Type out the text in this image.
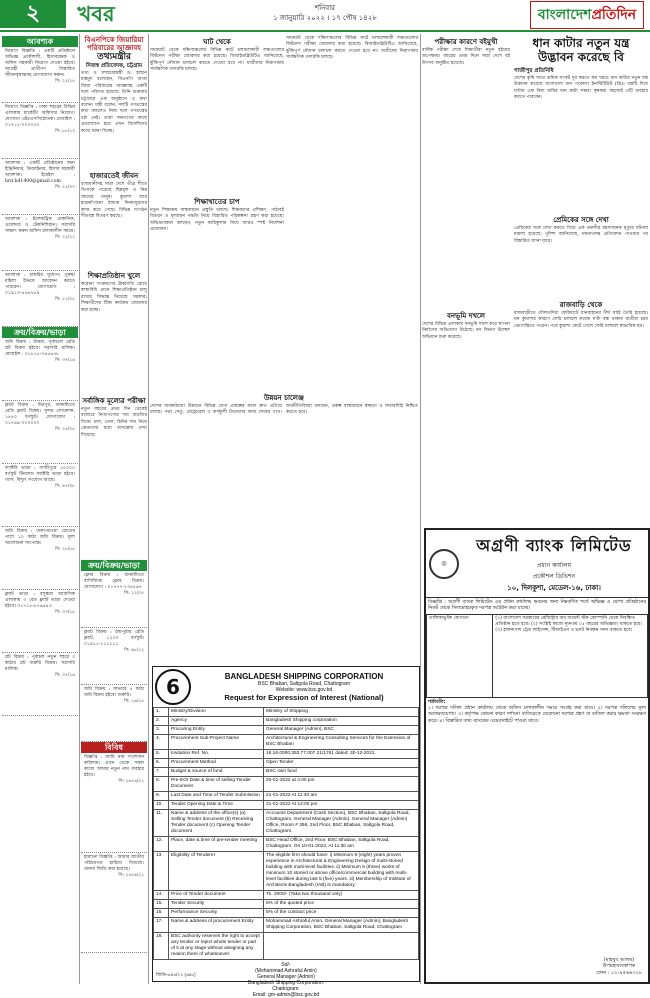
২	খবর	শনিবার
১ জানুয়ারি ২০২২ । ১৭ পৌষ ১৪২৮	বাংলাদেশপ্রতিদিন
আবশ্যক
নিয়োগ বিজ্ঞপ্তি : একটি প্রতিষ্ঠানে অভিজ্ঞ প্রকৌশলী, হিসাবরক্ষক ও অফিস সহকারী নিয়োগ দেওয়া হইবে। আগ্রহী প্রার্থীগণ বিস্তারিত জীবনবৃত্তান্তসহ যোগাযোগ করুন।
সি: ২২/১৫
নিয়োগ বিজ্ঞপ্তি : ঢাকা শহরের বিভিন্ন এলাকায় মার্কেটিং অফিসার নিয়োগ। যোগ্যতা এইচএসসি/স্নাতক। মোবাইল : ০১৭১১-০০০০০০
সি: ৮৮/১২
আবশ্যক : একটি প্রতিষ্ঠানের জন্য ইঞ্জিনিয়ার, ডিজাইনার, হিসাব সহকারী আবশ্যক। ইমেইল : hrd.bd1400@gmail.com
সি: ২২/৩০
আবশ্যক : ইলেকট্রিক মেকানিক, ওয়েল্ডার ও টেকনিশিয়ান। সরাসরি সাক্ষাৎ করুন অফিস চলাকালীন সময়ে।
সি: ২২/২২
আবশ্যক : চাকরির সুযোগ। পুরুষ/মহিলা উভয়ে আবেদন করতে পারবেন। যোগাযোগ : ০১৯১৩-৪৫৬৭৮৯
সি: ৫১/০৫
ক্রয়/বিক্রয়/ভাড়া
জমি বিক্রয় : উত্তরা, পূর্বাচলে রেডি প্লট বিক্রয় হইবে। সরাসরি মালিক। মোবাইল : ০১৮১৮-৩৪৫৬৭৮
সি: ৩৭/১৬
ফ্ল্যাট বিক্রয় : মিরপুর, ধানমন্ডিতে রেডি ফ্ল্যাট বিক্রয়। সুন্দর লোকেশন, ১৪৫০ বর্গফুট। যোগাযোগ : ০১৭৬৯-০০০০০০
সি: ২৪/০৫
ফ্যাক্টরি ভাড়া : গাজীপুরে ১০০০০ বর্গফুট টিনশেড ফ্যাক্টরি ভাড়া হইবে। গ্যাস, বিদ্যুৎ সংযোগ আছে।
সি: ৯৭/৩৮
জমি বিক্রয় : ঢাকা-মাওয়া রোডের পাশে ১০ কাঠা জমি বিক্রয়। মূল্য আলোচনা সাপেক্ষে।
সি: ২৮/৫৫
ফ্ল্যাট ভাড়া : বসুন্ধরা আবাসিক এলাকায় ৩ বেড ফ্ল্যাট ভাড়া দেওয়া হইবে। ০১৭১৫-৮৭৬৫৪৩
সি: ৩৩/১৫
প্লট বিক্রয় : পূর্বাচল নতুন শহরে ৩ কাঠার প্লট জরুরি বিক্রয়। সরাসরি মালিক।
সি: ৩৭/১৬
ক্রয়/বিক্রয়/ভাড়া
ফ্লোর বিক্রয় : ধানমন্ডিতে বাণিজ্যিক ফ্লোর বিক্রয়। যোগাযোগ : ০১৭৭৭-২৩৪৫৬৭
সি: ১২/০৫
ফ্ল্যাট বিক্রয় : রামপুরায় রেডি ফ্ল্যাট, ১২০০ বর্গফুট। ০১৯১১-১১১১১১
সি: ৯৮/১২
জমি বিক্রয় : সাভারে ৫ কাঠা জমি বিক্রয় হইবে। জরুরি।
সি: ১৬/১৫
বিবিধ
বিজ্ঞপ্তি : আমি নাম সংশোধন করিলাম। এখন থেকে সকল কাজে আমার নতুন নাম ব্যবহার হইবে।
সি: ২৪৫৬/২১
হারানো বিজ্ঞপ্তি : আমার জাতীয় পরিচয়পত্র হারিয়ে গিয়েছে। থানায় জিডি করা হয়েছে।
সি: ২৪৫৯/২১
বিএনপিকে জিয়ারিয়া পরিবারের আজ্ঞাবহ
তথ্যমন্ত্রীর
নিজস্ব প্রতিবেদক, চট্টগ্রাম
তথ্য ও সম্প্রচারমন্ত্রী ড. হাছান মাহমুদ বলেছেন, বিএনপি আজ জিয়া পরিবারের আজ্ঞাবহ একটি দলে পরিণত হয়েছে। তিনি শুক্রবার চট্টগ্রামে এক অনুষ্ঠানে এ কথা বলেন। মন্ত্রী বলেন, দলটি গণতন্ত্রের কথা বললেও নিজ দলে গণতন্ত্রের চর্চা নেই। তারা জনগণের কাছে প্রত্যাখ্যাত হয়ে এখন বিদেশিদের কাছে ধরনা দিচ্ছে।
হাজারতেই জীবন
রাজধানীসহ সারা দেশে তীব্র শীতে বিপাকে পড়েছে ছিন্নমূল ও নিম্ন আয়ের মানুষ। কুয়াশা আর হাড়কাঁপানো ঠান্ডায় দিনমজুরদের কাজ কমে গেছে। বিভিন্ন সংগঠন শীতবস্ত্র বিতরণ করছে।
শিক্ষাপ্রতিষ্ঠান খুলে
করোনা সংক্রমণের ঊর্ধ্বগতি রোধে স্বাস্থ্যবিধি মেনে শিক্ষাপ্রতিষ্ঠান চালু রাখার সিদ্ধান্ত নিয়েছে সরকার। শিক্ষার্থীদের টিকা কার্যক্রম জোরদার করা হচ্ছে।
সর্বাঙ্গিক মূল্যের পরীক্ষা
নতুন বছরের প্রথম দিন থেকেই বাজারে নিত্যপণ্যের দাম বাড়তির দিকে। চাল, তেল, চিনির দাম নিয়ে ক্রেতাদের মধ্যে অসন্তোষ দেখা দিয়েছে।
ঘাট থেকে
সদরঘাট থেকে দক্ষিণাঞ্চলের বিভিন্ন রুটে চলাচলকারী লঞ্চগুলোর ফিটনেস পরীক্ষা জোরদার করা হয়েছে। বিআইডব্লিউটিএ জানিয়েছে, ঝুঁকিপূর্ণ নৌযান চলাচল করতে দেওয়া হবে না। যাত্রীদের নিরাপত্তায় সার্বক্ষণিক তদারকি চলছে।
শিক্ষাখাতের চাপ
নতুন শিক্ষাক্রম বাস্তবায়নে প্রস্তুতি চলছে। শিক্ষকদের প্রশিক্ষণ, পাঠ্যবই বিতরণ ও মূল্যায়ন পদ্ধতি নিয়ে বিস্তারিত পরিকল্পনা গ্রহণ করা হয়েছে। অভিভাবকরা বলছেন, নতুন কারিকুলাম নিয়ে আরও স্পষ্ট নির্দেশনা প্রয়োজন।
সদরঘাট থেকে দক্ষিণাঞ্চলের বিভিন্ন রুটে চলাচলকারী লঞ্চগুলোর ফিটনেস পরীক্ষা জোরদার করা হয়েছে। বিআইডব্লিউটিএ জানিয়েছে, ঝুঁকিপূর্ণ নৌযান চলাচল করতে দেওয়া হবে না। যাত্রীদের নিরাপত্তায় সার্বক্ষণিক তদারকি চলছে।
উন্নয়ন চালেঞ্জ
দেশের অবকাঠামো উন্নয়নে বিভিন্ন মেগা প্রকল্পের কাজ দ্রুত এগিয়ে চলছে। পদ্মা সেতু, মেট্রোরেল ও কর্ণফুলী টানেলের কাজ শেষের পথে। অর্থনীতিবিদরা বলছেন, প্রকল্প বাস্তবায়নে স্বচ্ছতা ও জবাবদিহি নিশ্চিত করতে হবে।
6	BANGLADESH SHIPPING CORPORATION
BSC Bhaban, Saltgola Road, Chattogram
Website: www.bsc.gov.bd
Request for Expression of Interest (National)
1.	Ministry/Division	Ministry of Shipping
2.	Agency	Bangladesh Shipping corporation
3.	Procuring Entity	General Manager (Admin), BSC
4.	Procurement Sub-Project Name	Architectural & Engineering Consulting Services for the Extension of BSC Bhaban
5.	Invitation Ref. No.	18.16.0000.353.77.007.21/1761 dated: 30-12-2021
6.	Procurement Method	Open Tender
7.	Budget & source of fund	BSC own fund
8.	Pre-EOI Date & time of selling Tender Document	20-01-2022 at 4.00 pm
9.	Last Date and Time of Tender Submission	21-01-2022 At 11:30 am
10.	Tender Opening Date & Time	21-01-2022 At 12:00 pm
11.	Name & address of the office(s) (a) Selling Tender document (b) Receiving Tender document (c) Opening Tender document	Accounts Department (Cash Section), BSC Bhaban, Saltgola Road, Chattogram. General Manager (Admin). General Manager (Admin) Office, Room # 356, 2nd Floor, BSC Bhaban, Saltgola Road, Chattogram.
12.	Place, date & time of pre-tender meeting	BSC Head Office, 2nd Floor, BSC Bhaban, Saltgola Road, Chattogram. On 10-01-2022, At 11:30 am
13.	Eligibility of Tenderer	The eligible firm should have: i) Minimum 8 (eight) years proven experience in Architectural & Engineering Design of multi-storied building with multi-level facilities. ii) Minimum 5 (three) works of minimum 10 storied or above office/commercial building with multi-level facilities during last 5 (five) years. iii) Membership of Institute of Architects Bangladesh (IAB) is mandatory.
14.	Price of Tender document	Tk. 2000/- (Taka two thousand only)
15.	Tender Security	5% of the quoted price
16.	Performance Security	5% of the contract price
17.	Name & address of procurement Entity	Mohammad Ashraful Amin, General Manager (Admin), Bangladesh Shipping Corporation, BSC Bhaban, Saltgola Road, Chattogram
18.	BSC authority reserves the right to accept any tender or reject whole tender or part of it at any stage without assigning any reason there of whatsoever.	
Sd/-
(Mohammad Ashraful Amin)
General Manager (Admin)
Bangladesh Shipping Corporation.
Chattogram.
Email: gm-admin@bsc.gov.bd
জিডি-৬৯৪/২২ (৬x৫)
পরীক্ষার কারণে বইমুখী
বার্ষিক পরীক্ষা শেষে শিক্ষার্থীরা নতুন বইয়ের অপেক্ষায়। বছরের প্রথম দিনে সারা দেশে বই উৎসব অনুষ্ঠিত হয়েছে।
বনভূমি দখলে
দেশের বিভিন্ন এলাকায় বনভূমি দখল করে স্থাপনা নির্মাণের অভিযোগ উঠেছে। বন বিভাগ উচ্ছেদ অভিযান শুরু করেছে।
ধান কাটার নতুন যন্ত্র
উদ্ভাবন করেছে বি
গাজীপুর প্রতিনিধি
দেশের কৃষি খাতে শ্রমিক সংকট দূর করতে কম খরচে ধান কাটার নতুন যন্ত্র উদ্ভাবন করেছে বাংলাদেশ ধান গবেষণা ইনস্টিটিউট (ব্রি)। যন্ত্রটি দিয়ে ঘণ্টায় এক বিঘা জমির ধান কাটা সম্ভব। কৃষকরা সহজেই এটি ব্যবহার করতে পারবেন।
প্রেমিকের সঙ্গে দেখা
প্রেমিকের সঙ্গে দেখা করতে গিয়ে এক তরুণীর রহস্যজনক মৃত্যুর ঘটনায় মামলা হয়েছে। পুলিশ জানিয়েছে, ময়নাতদন্ত প্রতিবেদন পাওয়ার পর বিস্তারিত জানা যাবে।
রাজবাড়ি থেকে
রাজবাড়ীতে দৌলতদিয়া ফেরিঘাটে যানবাহনের দীর্ঘ সারি তৈরি হয়েছে। ঘন কুয়াশার কারণে ফেরি চলাচল কয়েক ঘণ্টা বন্ধ থাকায় যাত্রীরা চরম ভোগান্তিতে পড়েন। পরে কুয়াশা কেটে গেলে ফেরি চলাচল স্বাভাবিক হয়।
◎
অগ্রণী ব্যাংক লিমিটেড
প্রধান কার্যালয়
প্রকৌশল ডিভিশন
১০, দিলকুশা, মেডেল-১৬, ঢাকা।
বিজ্ঞপ্তি : অগ্রণী ব্যাংক লিমিটেড এর প্রধান কার্যালয় ভবনের জন্য নিম্নবর্ণিত শর্তে অভিজ্ঞ ও যোগ্য প্রতিষ্ঠানের নিকট থেকে সিলমোহরকৃত দরপত্র আহ্বান করা যাচ্ছে।
তালিকাভুক্তি যোগ্যতা	(১) বাংলাদেশ সরকারের রেজিস্ট্রার অব জয়েন্ট স্টক কোম্পানি থেকে নিবন্ধিত প্রতিষ্ঠান হতে হবে। (২) সংশ্লিষ্ট কাজে ন্যূনতম ০৫ বছরের অভিজ্ঞতা থাকতে হবে। (৩) হালনাগাদ ট্রেড লাইসেন্স, টিআইএন ও ভ্যাট নিবন্ধন সনদ থাকতে হবে।
শর্তাবলি:
১। দরপত্র দলিল প্রধান কার্যালয় থেকে অফিস চলাকালীন সময়ে সংগ্রহ করা যাবে। ২। দরপত্র দলিলের মূল্য অফেরতযোগ্য। ৩। কর্তৃপক্ষ কোনো কারণ দর্শানো ব্যতিরেকে যেকোনো দরপত্র গ্রহণ বা বাতিল করার ক্ষমতা সংরক্ষণ করে। ৪। বিস্তারিত তথ্য ব্যাংকের ওয়েবসাইটে পাওয়া যাবে।
(মাহবুব আলম)
উপমহাব্যবস্থাপক
ফোন : ০২-৯৫৬৬৩২৮
